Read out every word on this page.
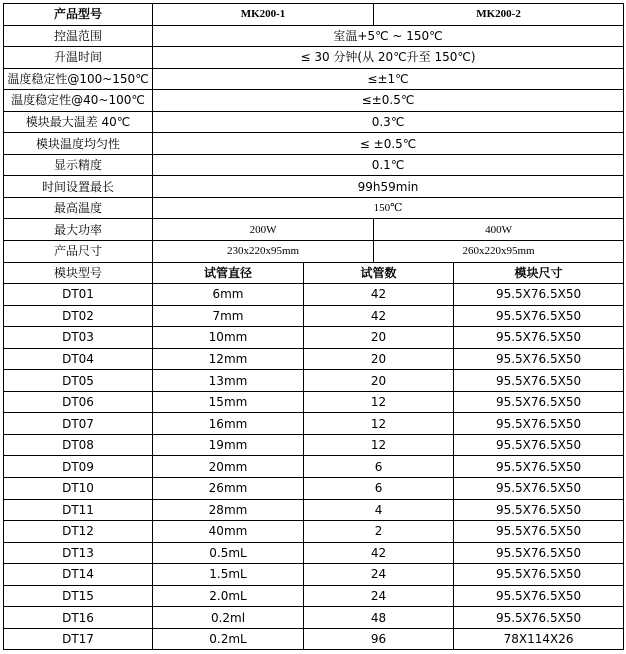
产品型号	MK200-1		MK200-2	
控温范围	室温+5℃ ~ 150℃			
升温时间	≤ 30 分钟(从 20℃升至 150℃)			
温度稳定性@100~150℃	≤±1℃			
温度稳定性@40~100℃	≤±0.5℃			
模块最大温差 40℃	0.3℃			
模块温度均匀性	≤ ±0.5℃			
显示精度	0.1℃			
时间设置最长	99h59min			
最高温度	150℃			
最大功率	200W		400W	
产品尺寸	230x220x95mm		260x220x95mm	
模块型号	试管直径	试管数		模块尺寸
DT01	6mm	42		95.5X76.5X50
DT02	7mm	42		95.5X76.5X50
DT03	10mm	20		95.5X76.5X50
DT04	12mm	20		95.5X76.5X50
DT05	13mm	20		95.5X76.5X50
DT06	15mm	12		95.5X76.5X50
DT07	16mm	12		95.5X76.5X50
DT08	19mm	12		95.5X76.5X50
DT09	20mm	6		95.5X76.5X50
DT10	26mm	6		95.5X76.5X50
DT11	28mm	4		95.5X76.5X50
DT12	40mm	2		95.5X76.5X50
DT13	0.5mL	42		95.5X76.5X50
DT14	1.5mL	24		95.5X76.5X50
DT15	2.0mL	24		95.5X76.5X50
DT16	0.2ml	48		95.5X76.5X50
DT17	0.2mL	96		78X114X26
